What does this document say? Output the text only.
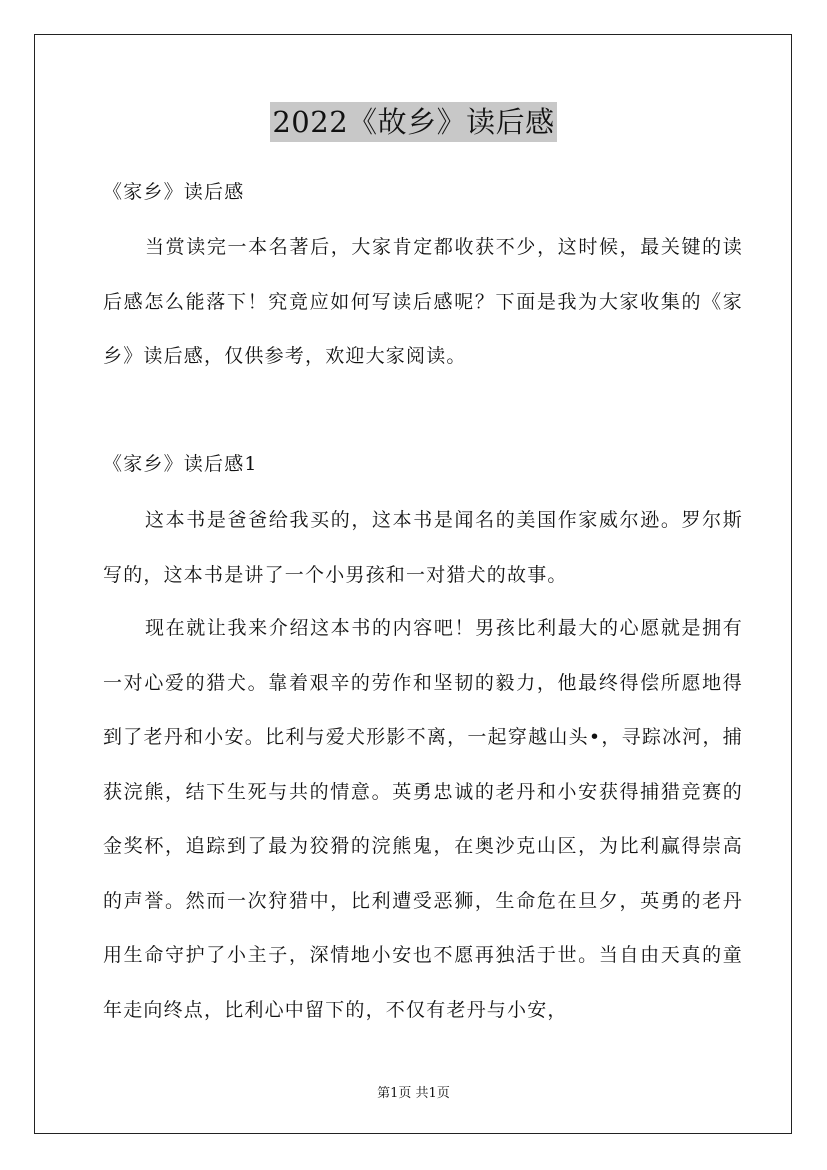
2022《故乡》读后感

《家乡》读后感

当赏读完一本名著后，大家肯定都收获不少，这时候，最关键的读后感怎么能落下！究竟应如何写读后感呢？下面是我为大家收集的《家乡》读后感，仅供参考，欢迎大家阅读。

《家乡》读后感1

这本书是爸爸给我买的，这本书是闻名的美国作家威尔逊。罗尔斯写的，这本书是讲了一个小男孩和一对猎犬的故事。

现在就让我来介绍这本书的内容吧！男孩比利最大的心愿就是拥有一对心爱的猎犬。靠着艰辛的劳作和坚韧的毅力，他最终得偿所愿地得到了老丹和小安。比利与爱犬形影不离，一起穿越山头•，寻踪冰河，捕获浣熊，结下生死与共的情意。英勇忠诚的老丹和小安获得捕猎竞赛的金奖杯，追踪到了最为狡猾的浣熊鬼，在奥沙克山区，为比利赢得崇高的声誉。然而一次狩猎中，比利遭受恶狮，生命危在旦夕，英勇的老丹用生命守护了小主子，深情地小安也不愿再独活于世。当自由天真的童年走向终点，比利心中留下的，不仅有老丹与小安，

第1页 共1页
